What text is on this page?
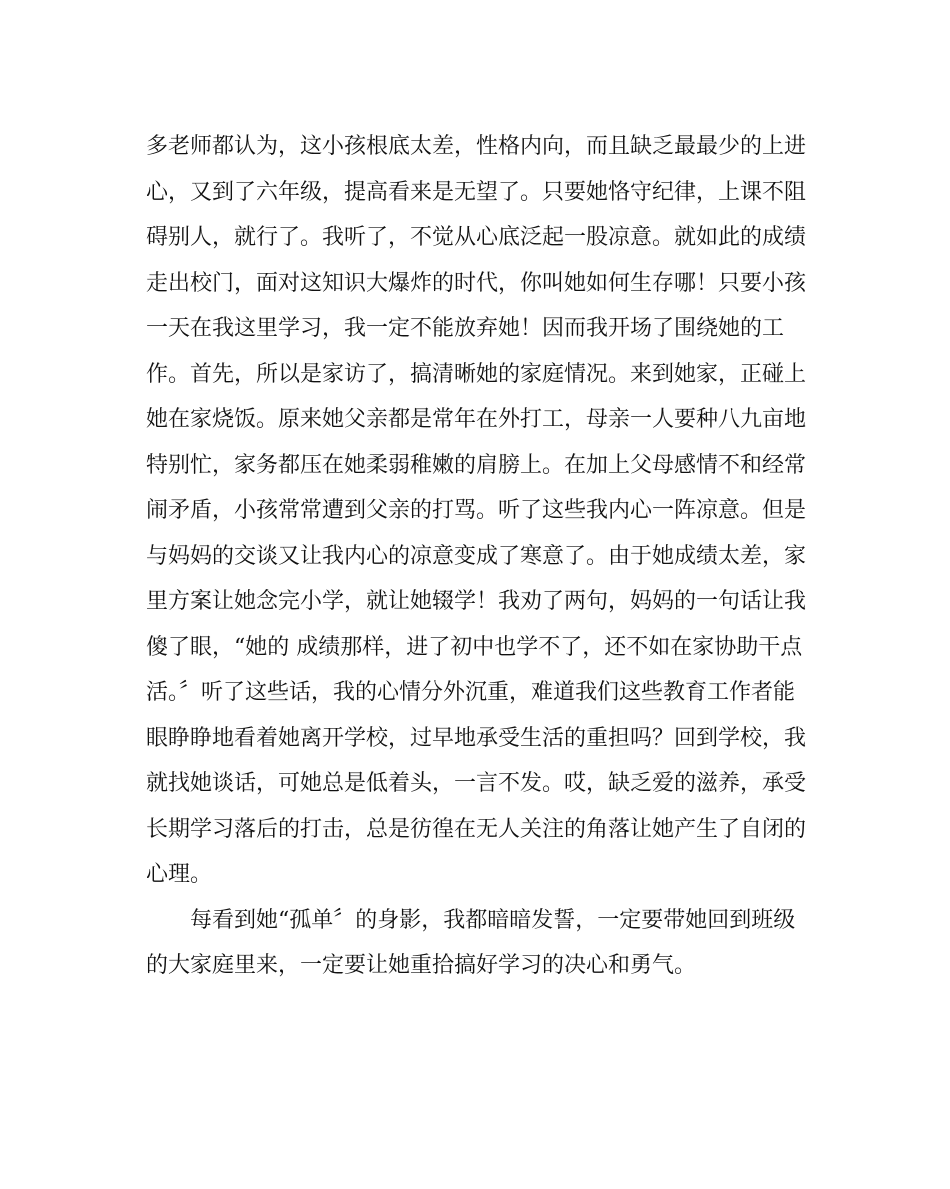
多老师都认为，这小孩根底太差，性格内向，而且缺乏最最少的上进
心，又到了六年级，提高看来是无望了。只要她恪守纪律，上课不阻
碍别人，就行了。我听了，不觉从心底泛起一股凉意。就如此的成绩
走出校门，面对这知识大爆炸的时代，你叫她如何生存哪！只要小孩
一天在我这里学习，我一定不能放弃她！因而我开场了围绕她的工
作。首先，所以是家访了，搞清晰她的家庭情况。来到她家，正碰上
她在家烧饭。原来她父亲都是常年在外打工，母亲一人要种八九亩地
特别忙，家务都压在她柔弱稚嫩的肩膀上。在加上父母感情不和经常
闹矛盾，小孩常常遭到父亲的打骂。听了这些我内心一阵凉意。但是
与妈妈的交谈又让我内心的凉意变成了寒意了。由于她成绩太差，家
里方案让她念完小学，就让她辍学！我劝了两句，妈妈的一句话让我
傻了眼，“她的 成绩那样，进了初中也学不了，还不如在家协助干点
活。〞听了这些话，我的心情分外沉重，难道我们这些教育工作者能
眼睁睁地看着她离开学校，过早地承受生活的重担吗？回到学校，我
就找她谈话，可她总是低着头，一言不发。哎，缺乏爱的滋养，承受
长期学习落后的打击，总是彷徨在无人关注的角落让她产生了自闭的
心理。
每看到她“孤单〞的身影，我都暗暗发誓，一定要带她回到班级
的大家庭里来，一定要让她重拾搞好学习的决心和勇气。
